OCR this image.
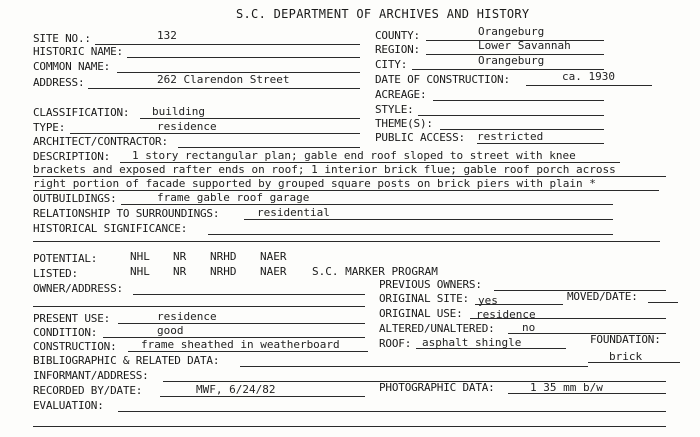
S.C. DEPARTMENT OF ARCHIVES AND HISTORY
SITE NO.:	132	COUNTY:	Orangeburg
HISTORIC NAME:	REGION:	Lower Savannah
COMMON NAME:	CITY:	Orangeburg
ADDRESS:	262 Clarendon Street	DATE OF CONSTRUCTION:	ca. 1930
ACREAGE:
CLASSIFICATION: building	STYLE:
TYPE:	residence	THEME(S):
ARCHITECT/CONTRACTOR:	PUBLIC ACCESS: restricted
DESCRIPTION: 1 story rectangular plan; gable end roof sloped to street with knee
brackets and exposed rafter ends on roof; 1 interior brick flue; gable roof porch across
right portion of facade supported by grouped square posts on brick piers with plain *
OUTBUILDINGS:	frame gable roof garage
RELATIONSHIP TO SURROUNDINGS:	residential
HISTORICAL SIGNIFICANCE:
POTENTIAL:	NHL NR NRHD NAER
LISTED:	NHL NR NRHD NAER S.C. MARKER PROGRAM
OWNER/ADDRESS:	PREVIOUS OWNERS:
ORIGINAL SITE: yes	MOVED/DATE:
PRESENT USE:	residence	ORIGINAL USE: residence
CONDITION:	good	ALTERED/UNALTERED: no
CONSTRUCTION: frame sheathed in weatherboard	ROOF: asphalt shingle	FOUNDATION:
brick
BIBLIOGRAPHIC & RELATED DATA:
INFORMANT/ADDRESS:
RECORDED BY/DATE:	MWF, 6/24/82	PHOTOGRAPHIC DATA:	1 35 mm b/w
EVALUATION:
